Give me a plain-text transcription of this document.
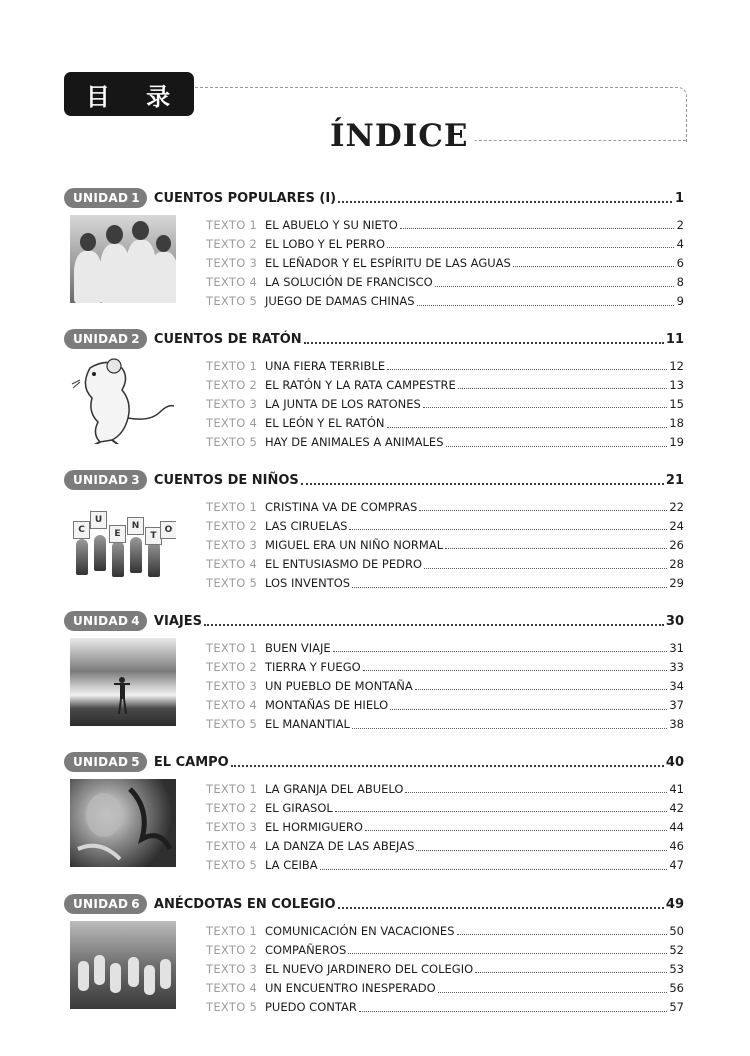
目 录
ÍNDICE
UNIDAD 1 CUENTOS POPULARES (I)	1
TEXTO 1 EL ABUELO Y SU NIETO	2
TEXTO 2 EL LOBO Y EL PERRO	4
TEXTO 3 EL LEÑADOR Y EL ESPÍRITU DE LAS AGUAS	6
TEXTO 4 LA SOLUCIÓN DE FRANCISCO	8
TEXTO 5 JUEGO DE DAMAS CHINAS	9
UNIDAD 2 CUENTOS DE RATÓN	11
TEXTO 1 UNA FIERA TERRIBLE	12
TEXTO 2 EL RATÓN Y LA RATA CAMPESTRE	13
TEXTO 3 LA JUNTA DE LOS RATONES	15
TEXTO 4 EL LEÓN Y EL RATÓN	18
TEXTO 5 HAY DE ANIMALES A ANIMALES	19
UNIDAD 3 CUENTOS DE NIÑOS	21
C
U
E
N
T
O
TEXTO 1 CRISTINA VA DE COMPRAS	22
TEXTO 2 LAS CIRUELAS	24
TEXTO 3 MIGUEL ERA UN NIÑO NORMAL	26
TEXTO 4 EL ENTUSIASMO DE PEDRO	28
TEXTO 5 LOS INVENTOS	29
UNIDAD 4 VIAJES	30
TEXTO 1 BUEN VIAJE	31
TEXTO 2 TIERRA Y FUEGO	33
TEXTO 3 UN PUEBLO DE MONTAÑA	34
TEXTO 4 MONTAÑAS DE HIELO	37
TEXTO 5 EL MANANTIAL	38
UNIDAD 5 EL CAMPO	40
TEXTO 1 LA GRANJA DEL ABUELO	41
TEXTO 2 EL GIRASOL	42
TEXTO 3 EL HORMIGUERO	44
TEXTO 4 LA DANZA DE LAS ABEJAS	46
TEXTO 5 LA CEIBA	47
UNIDAD 6 ANÉCDOTAS EN COLEGIO	49
TEXTO 1 COMUNICACIÓN EN VACACIONES	50
TEXTO 2 COMPAÑEROS	52
TEXTO 3 EL NUEVO JARDINERO DEL COLEGIO	53
TEXTO 4 UN ENCUENTRO INESPERADO	56
TEXTO 5 PUEDO CONTAR	57
